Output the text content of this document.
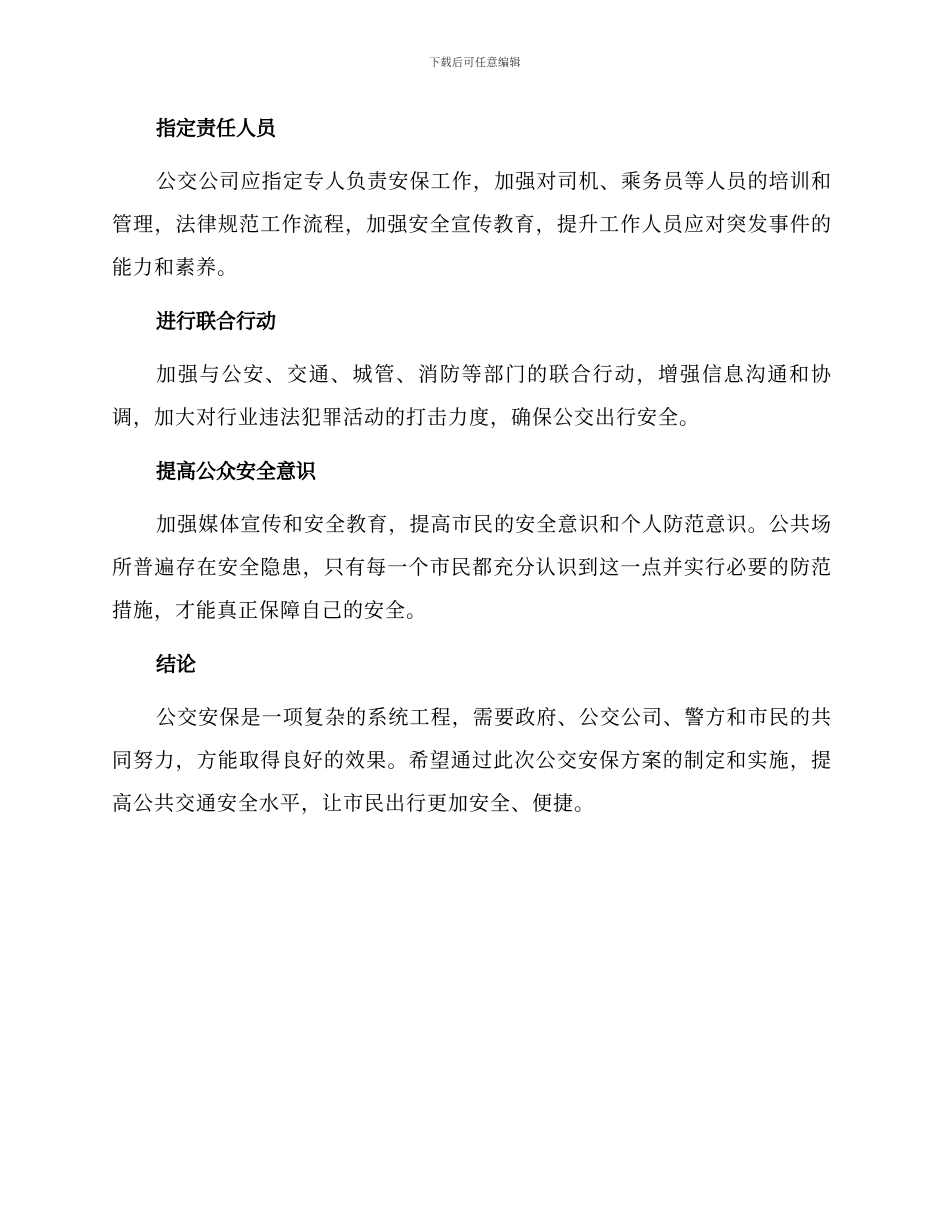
下载后可任意编辑
指定责任人员

公交公司应指定专人负责安保工作，加强对司机、乘务员等人员的培训和管理，法律规范工作流程，加强安全宣传教育，提升工作人员应对突发事件的能力和素养。

进行联合行动

加强与公安、交通、城管、消防等部门的联合行动，增强信息沟通和协调，加大对行业违法犯罪活动的打击力度，确保公交出行安全。

提高公众安全意识

加强媒体宣传和安全教育，提高市民的安全意识和个人防范意识。公共场所普遍存在安全隐患，只有每一个市民都充分认识到这一点并实行必要的防范措施，才能真正保障自己的安全。

结论

公交安保是一项复杂的系统工程，需要政府、公交公司、警方和市民的共同努力，方能取得良好的效果。希望通过此次公交安保方案的制定和实施，提高公共交通安全水平，让市民出行更加安全、便捷。
